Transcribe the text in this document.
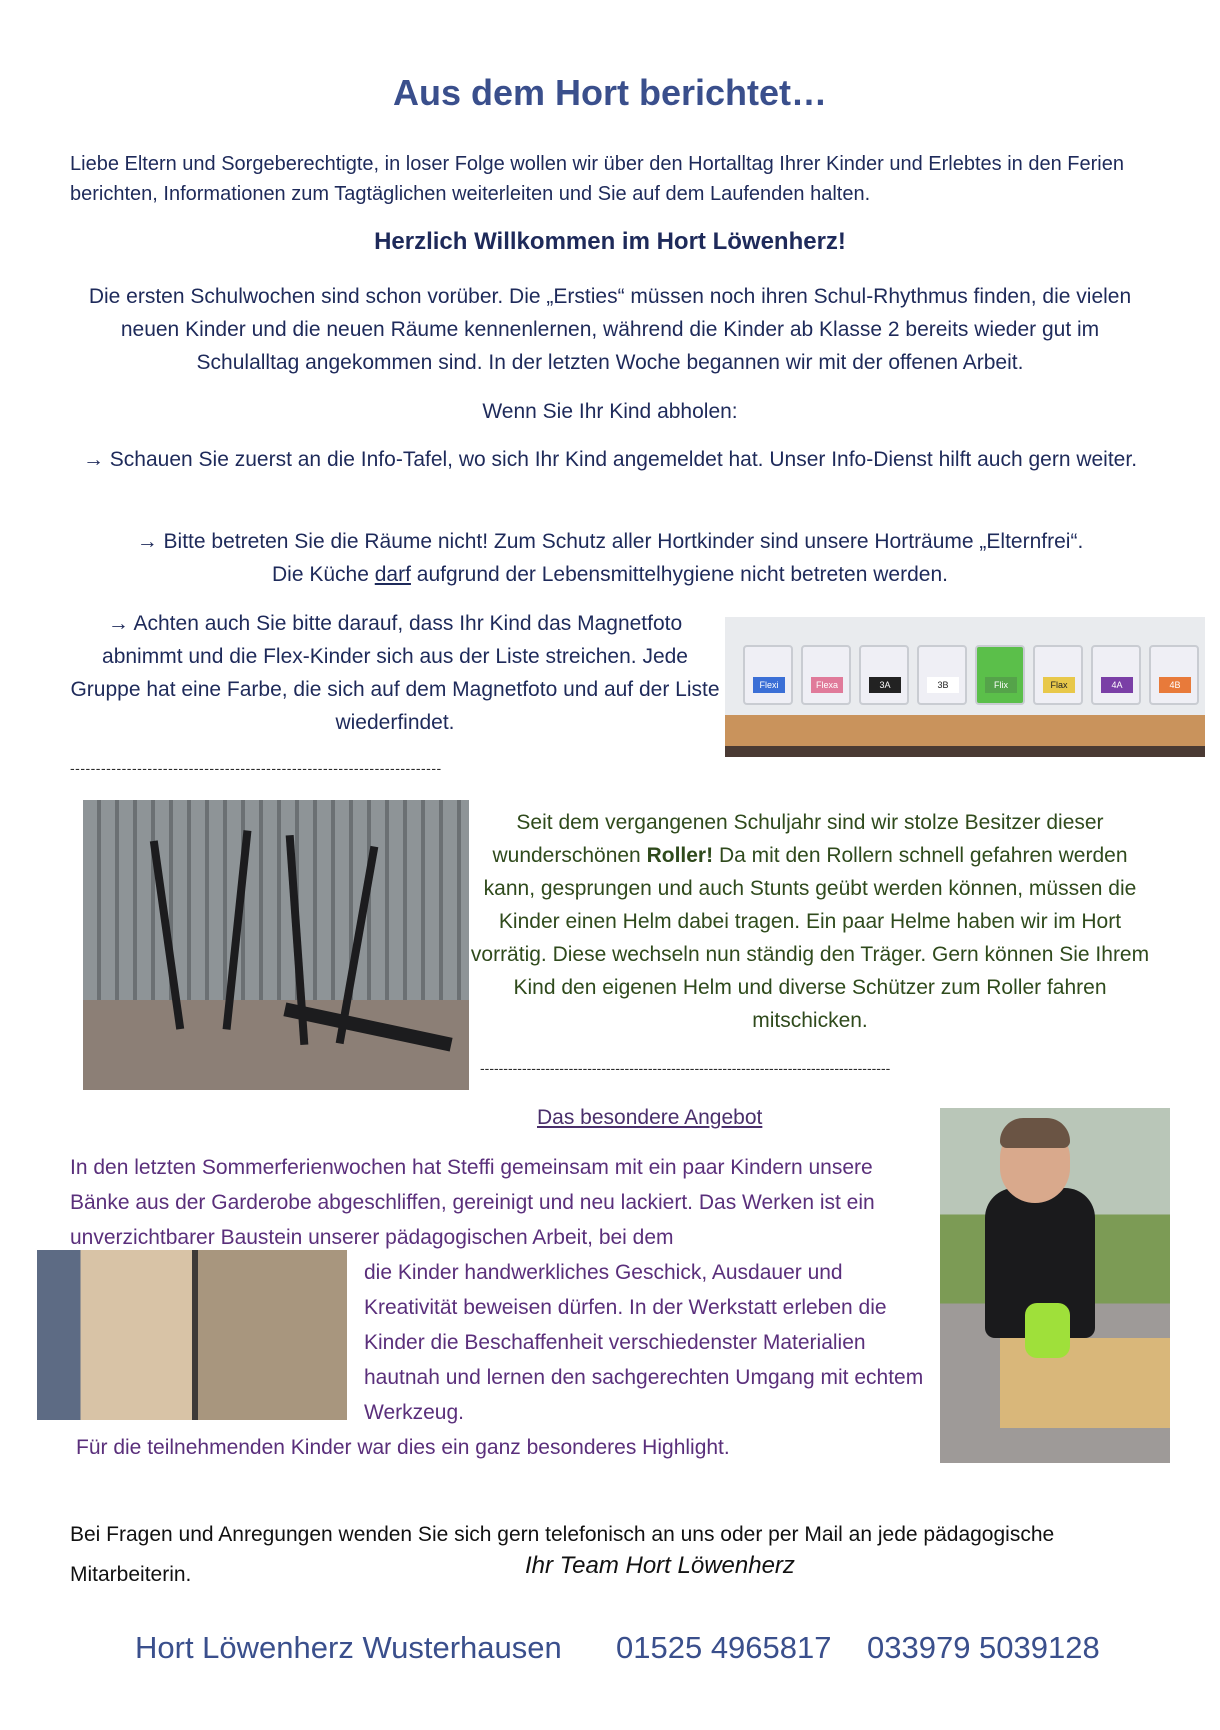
Aus dem Hort berichtet…

Liebe Eltern und Sorgeberechtigte, in loser Folge wollen wir über den Hortalltag Ihrer Kinder und Erlebtes in den Ferien berichten, Informationen zum Tagtäglichen weiterleiten und Sie auf dem Laufenden halten.

Herzlich Willkommen im Hort Löwenherz!

Die ersten Schulwochen sind schon vorüber. Die „Ersties“ müssen noch ihren Schul-Rhythmus finden, die vielen neuen Kinder und die neuen Räume kennenlernen, während die Kinder ab Klasse 2 bereits wieder gut im Schulalltag angekommen sind. In der letzten Woche begannen wir mit der offenen Arbeit.

Wenn Sie Ihr Kind abholen:

→ Schauen Sie zuerst an die Info-Tafel, wo sich Ihr Kind angemeldet hat. Unser Info-Dienst hilft auch gern weiter.

→ Bitte betreten Sie die Räume nicht! Zum Schutz aller Hortkinder sind unsere Horträume „Elternfrei“.
Die Küche darf aufgrund der Lebensmittelhygiene nicht betreten werden.

→ Achten auch Sie bitte darauf, dass Ihr Kind das Magnetfoto abnimmt und die Flex-Kinder sich aus der Liste streichen. Jede Gruppe hat eine Farbe, die sich auf dem Magnetfoto und auf der Liste wiederfindet.

Flexi	Flexa	3A	3B	Flix	Flax	4A	4B
------------------------------------------------------------------------

Seit dem vergangenen Schuljahr sind wir stolze Besitzer dieser wunderschönen Roller! Da mit den Rollern schnell gefahren werden kann, gesprungen und auch Stunts geübt werden können, müssen die Kinder einen Helm dabei tragen. Ein paar Helme haben wir im Hort vorrätig. Diese wechseln nun ständig den Träger. Gern können Sie Ihrem Kind den eigenen Helm und diverse Schützer zum Roller fahren mitschicken.

----------------------------------------------------------------------------------------
Das besondere Angebot

In den letzten Sommerferienwochen hat Steffi gemeinsam mit ein paar Kindern unsere Bänke aus der Garderobe abgeschliffen, gereinigt und neu lackiert. Das Werken ist ein unverzichtbarer Baustein unserer pädagogischen Arbeit, bei dem

die Kinder handwerkliches Geschick, Ausdauer und Kreativität beweisen dürfen. In der Werkstatt erleben die Kinder die Beschaffenheit verschiedenster Materialien hautnah und lernen den sachgerechten Umgang mit echtem Werkzeug.

Für die teilnehmenden Kinder war dies ein ganz besonderes Highlight.

Bei Fragen und Anregungen wenden Sie sich gern telefonisch an uns oder per Mail an jede pädagogische Mitarbeiterin.	Ihr Team Hort Löwenherz
Hort Löwenherz Wusterhausen 01525 4965817 033979 5039128
